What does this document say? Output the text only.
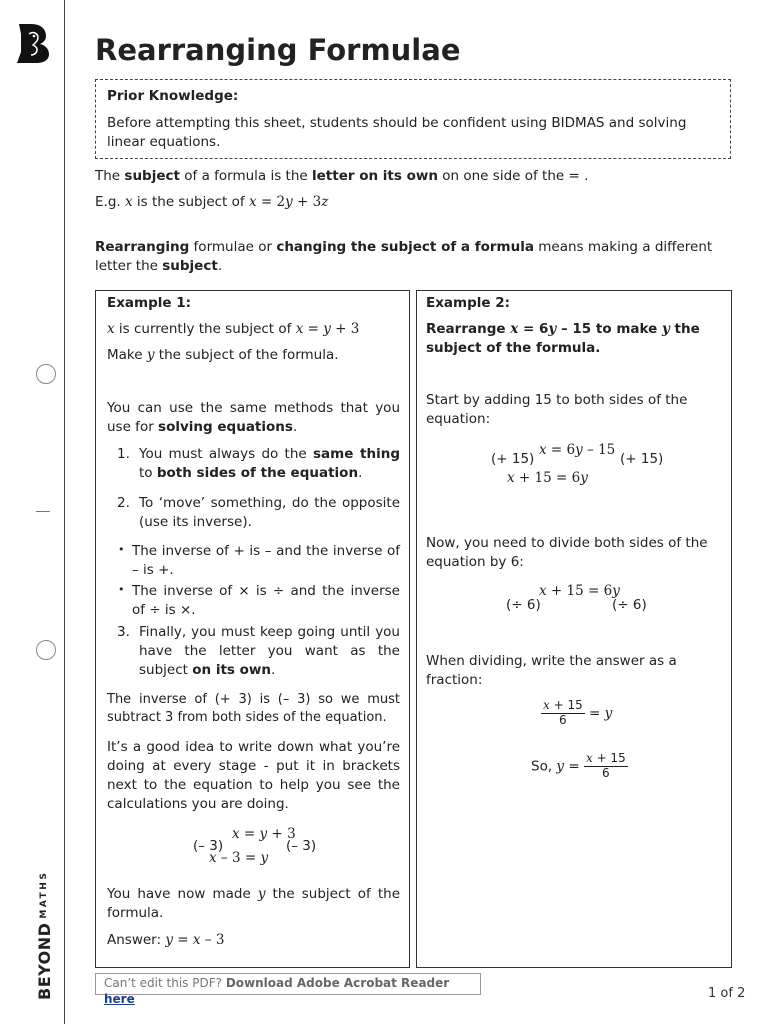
$BEYOND^{MATHS}$
Rearranging Formulae

Prior Knowledge:

Before attempting this sheet, students should be confident using BIDMAS and solving linear equations.

The subject of a formula is the letter on its own on one side of the = .

E.g. x is the subject of x = 2y + 3z

Rearranging formulae or changing the subject of a formula means making a different letter the subject.

Example 1:

x is currently the subject of x = y + 3

Make y the subject of the formula.

You can use the same methods that you use for solving equations.

1. You must always do the same thing to both sides of the equation.

2. To ‘move’ something, do the opposite (use its inverse).

• The inverse of + is – and the inverse of – is +.

• The inverse of × is ÷ and the inverse of ÷ is ×.

3. Finally, you must keep going until you have the letter you want as the subject on its own.

The inverse of (+ 3) is (– 3) so we must subtract 3 from both sides of the equation.

It’s a good idea to write down what you’re doing at every stage - put it in brackets next to the equation to help you see the calculations you are doing.

(– 3)
x = y + 3
(– 3)
x – 3 = y

You have now made y the subject of the formula.

Answer: y = x – 3

Example 2:

Rearrange x = 6y – 15 to make y the subject of the formula.

Start by adding 15 to both sides of the equation:

(+ 15)
x = 6y – 15
(+ 15)
x + 15 = 6y

Now, you need to divide both sides of the equation by 6:

x + 15 = 6y
(÷ 6)	(÷ 6)

When dividing, write the answer as a fraction:

$\frac{x + 15}{6} = y$
So, $y = \frac{x + 15}{6}$
Can’t edit this PDF? Download Adobe Acrobat Reader here	1 of 2
